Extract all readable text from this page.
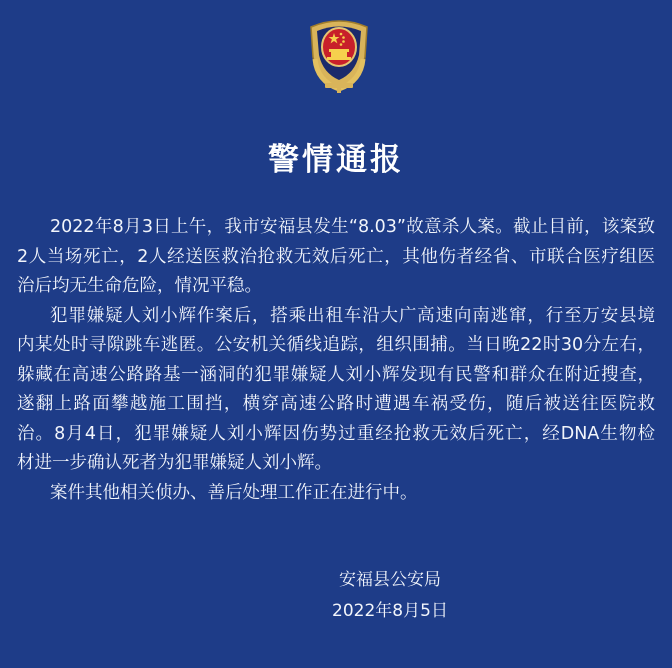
警情通报
2022年8月3日上午，我市安福县发生“8.03”故意杀人案。截止目前，该案致
2人当场死亡，2人经送医救治抢救无效后死亡，其他伤者经省、市联合医疗组医
治后均无生命危险，情况平稳。
犯罪嫌疑人刘小辉作案后，搭乘出租车沿大广高速向南逃窜，行至万安县境
内某处时寻隙跳车逃匿。公安机关循线追踪，组织围捕。当日晚22时30分左右，
躲藏在高速公路路基一涵洞的犯罪嫌疑人刘小辉发现有民警和群众在附近搜查，
遂翻上路面攀越施工围挡，横穿高速公路时遭遇车祸受伤，随后被送往医院救
治。8月4日，犯罪嫌疑人刘小辉因伤势过重经抢救无效后死亡，经DNA生物检
材进一步确认死者为犯罪嫌疑人刘小辉。
案件其他相关侦办、善后处理工作正在进行中。
安福县公安局
2022年8月5日
